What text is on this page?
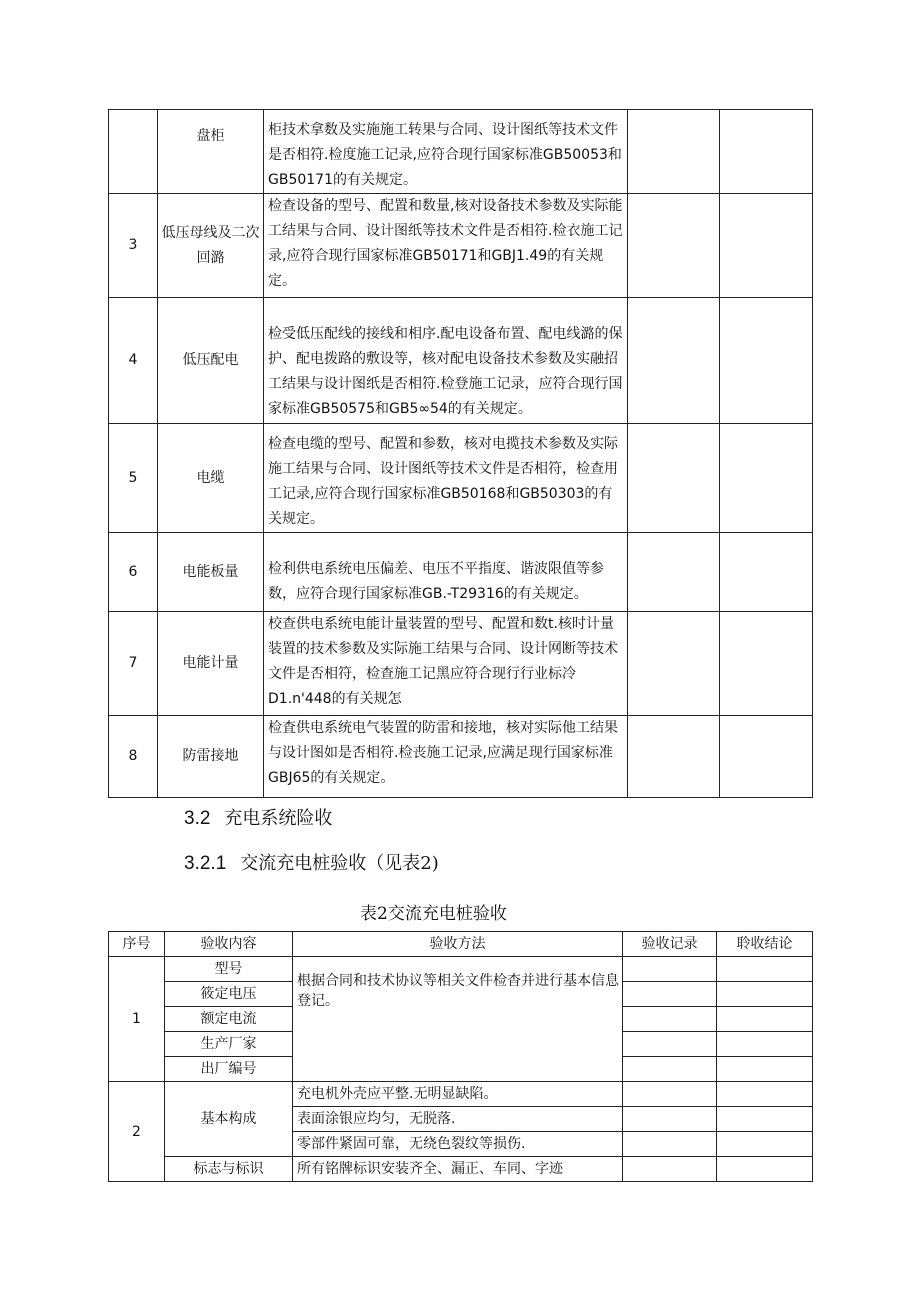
	盘柜	柜技术拿数及实施施工转果与合同、设计图纸等技术文件是否相符.检度施工记录,应符合现行国家标准GB50053和GB50171的有关规定。		
3	低压母线及二次回潞	检查设备的型号、配置和数量,核对设备技术参数及实际能工结果与合同、设计图纸等技术文件是否相符.检衣施工记录,应符合现行国家标准GB50171和GBJ1.49的有关规定。		
4	低压配电	检受低压配线的接线和相序.配电设备布置、配电线潞的保护、配电拨路的敷设等，核对配电设备技术参数及实融招工结果与设计图纸是否相符.检登施工记录，应符合现行国家标准GB50575和GB5∞54的有关规定。		
5	电缆	检查电缆的型号、配置和参数，核对电揽技术参数及实际施工结果与合同、设计图纸等技术文件是否相符，检查用工记录,应符合现行国家标准GB50168和GB50303的有关规定。		
6	电能板量	检利供电系统电压偏差、电压不平指度、谐波限值等参数，应符合现行国家标准GB.-T29316的有关规定。		
7	电能计量	校查供电系统电能计量装置的型号、配置和数t.核时计量装置的技术参数及实际施工结果与合同、设计网断等技术文件是否相符，检查施工记黑应符合现行行业标冷D1.n'448的有关规怎		
8	防雷接地	检査供电系统电气装置的防雷和接地，核对实际他工结果与设计图如是否相符.检丧施工记录,应满足现行国家标准GBJ65的有关规定。		
3.2 充电系统险收
3.2.1 交流充电桩验收（见表2)
表2交流充电桩验收
序号	验收内容	验收方法	验收记录	聆收结论
1	型号	根据合同和技术协议等相关文件检杳并进行基本信息登记。		
	筱定电压			
	额定电流			
	生产厂家			
	出厂编号			
2	基本构成	充电机外壳应平整.无明显缺陷。		
		表面涂银应均匀，无脱落.		
		零部件紧固可靠，无绕色裂纹等损伤.		
	标志与标识	所有铭牌标识安装齐全、漏正、车同、字迹		
